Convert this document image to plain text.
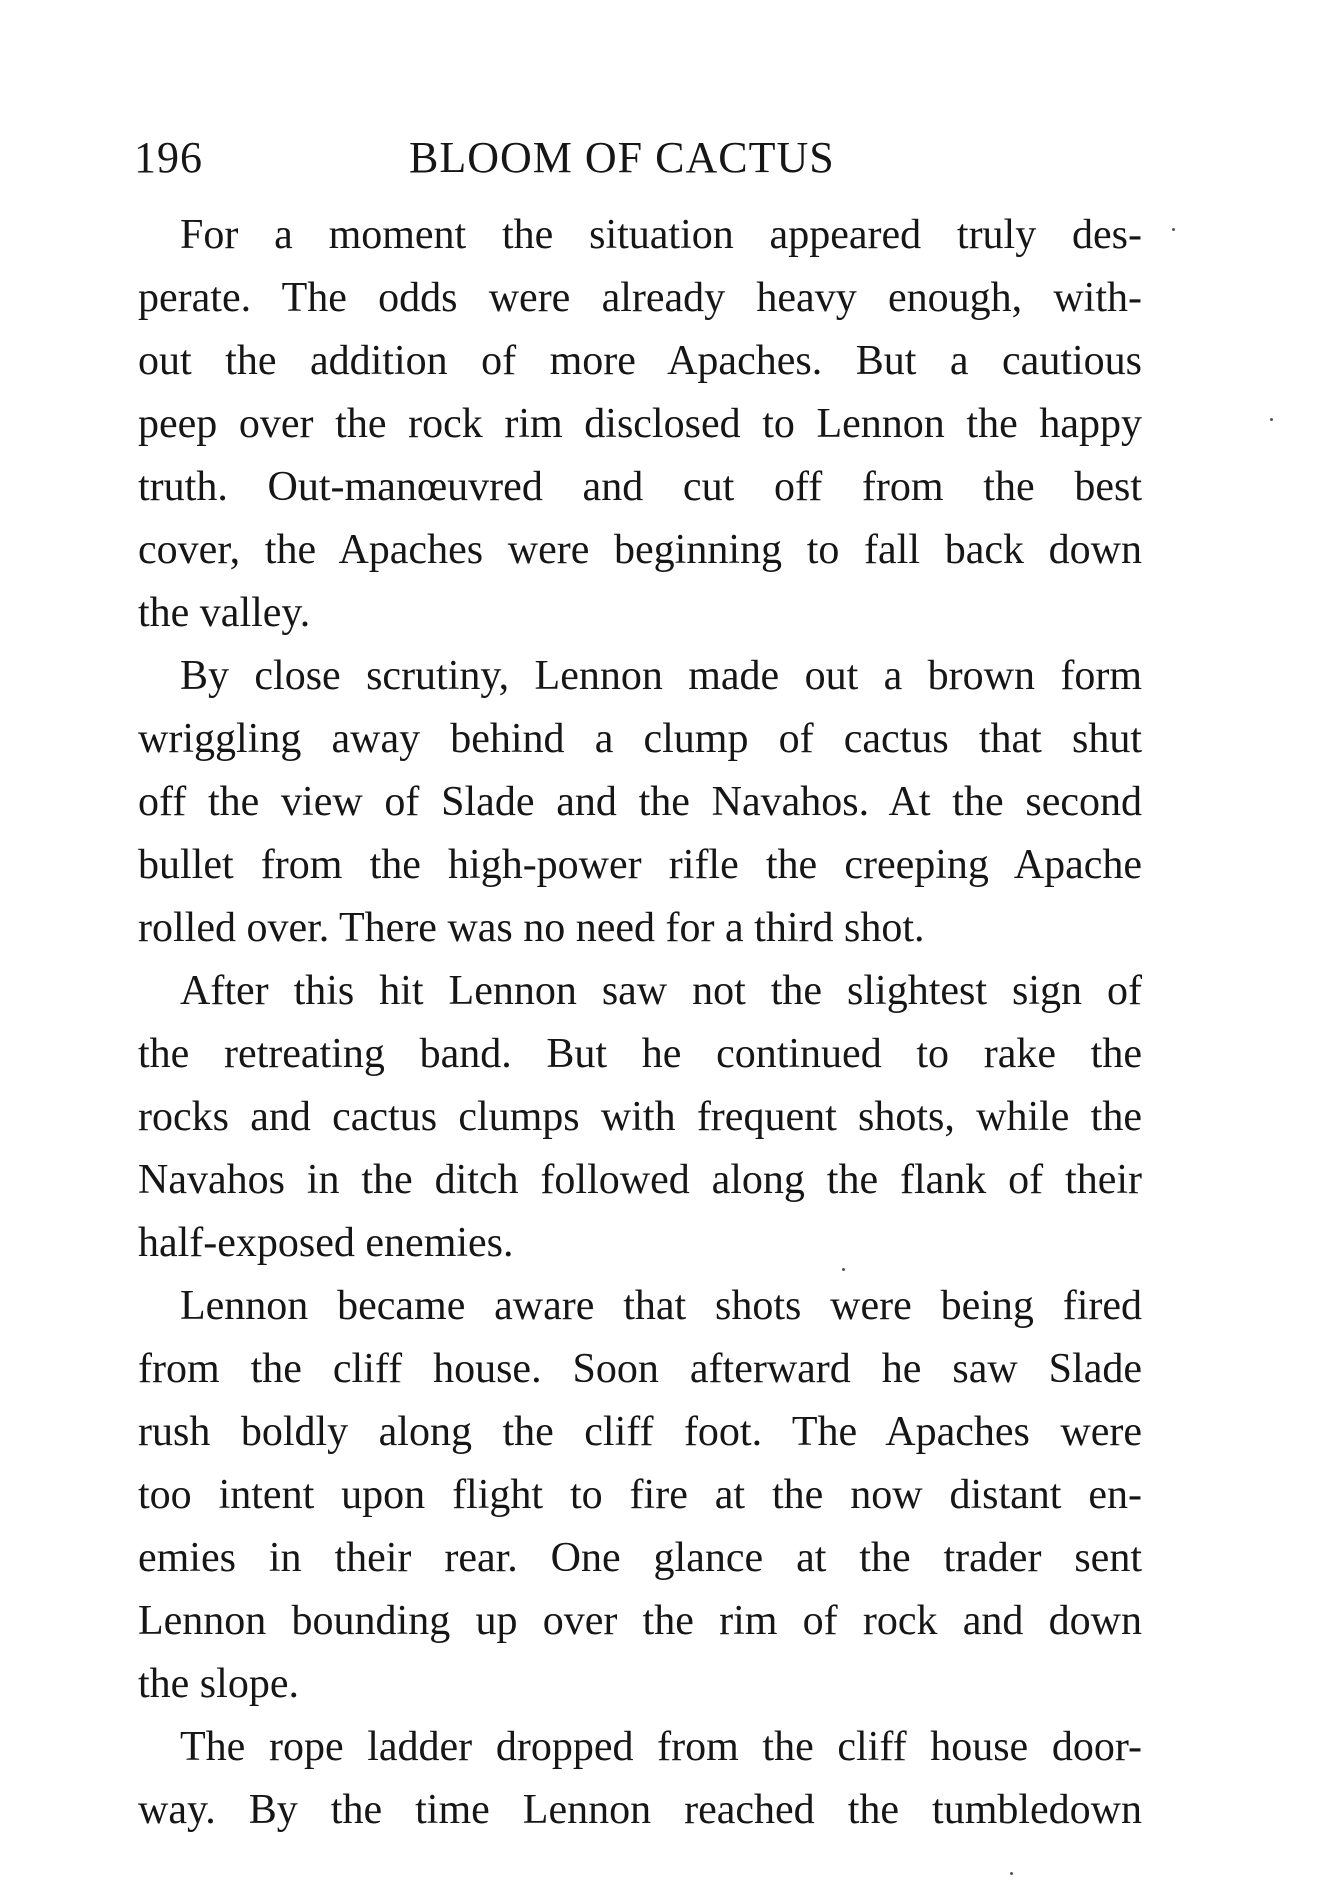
196	BLOOM OF CACTUS
For a moment the situation appeared truly des-
perate. The odds were already heavy enough, with-
out the addition of more Apaches. But a cautious
peep over the rock rim disclosed to Lennon the happy
truth. Out-manœuvred and cut off from the best
cover, the Apaches were beginning to fall back down
the valley.
By close scrutiny, Lennon made out a brown form
wriggling away behind a clump of cactus that shut
off the view of Slade and the Navahos. At the second
bullet from the high-power rifle the creeping Apache
rolled over. There was no need for a third shot.
After this hit Lennon saw not the slightest sign of
the retreating band. But he continued to rake the
rocks and cactus clumps with frequent shots, while the
Navahos in the ditch followed along the flank of their
half-exposed enemies.
Lennon became aware that shots were being fired
from the cliff house. Soon afterward he saw Slade
rush boldly along the cliff foot. The Apaches were
too intent upon flight to fire at the now distant en-
emies in their rear. One glance at the trader sent
Lennon bounding up over the rim of rock and down
the slope.
The rope ladder dropped from the cliff house door-
way. By the time Lennon reached the tumbledown
